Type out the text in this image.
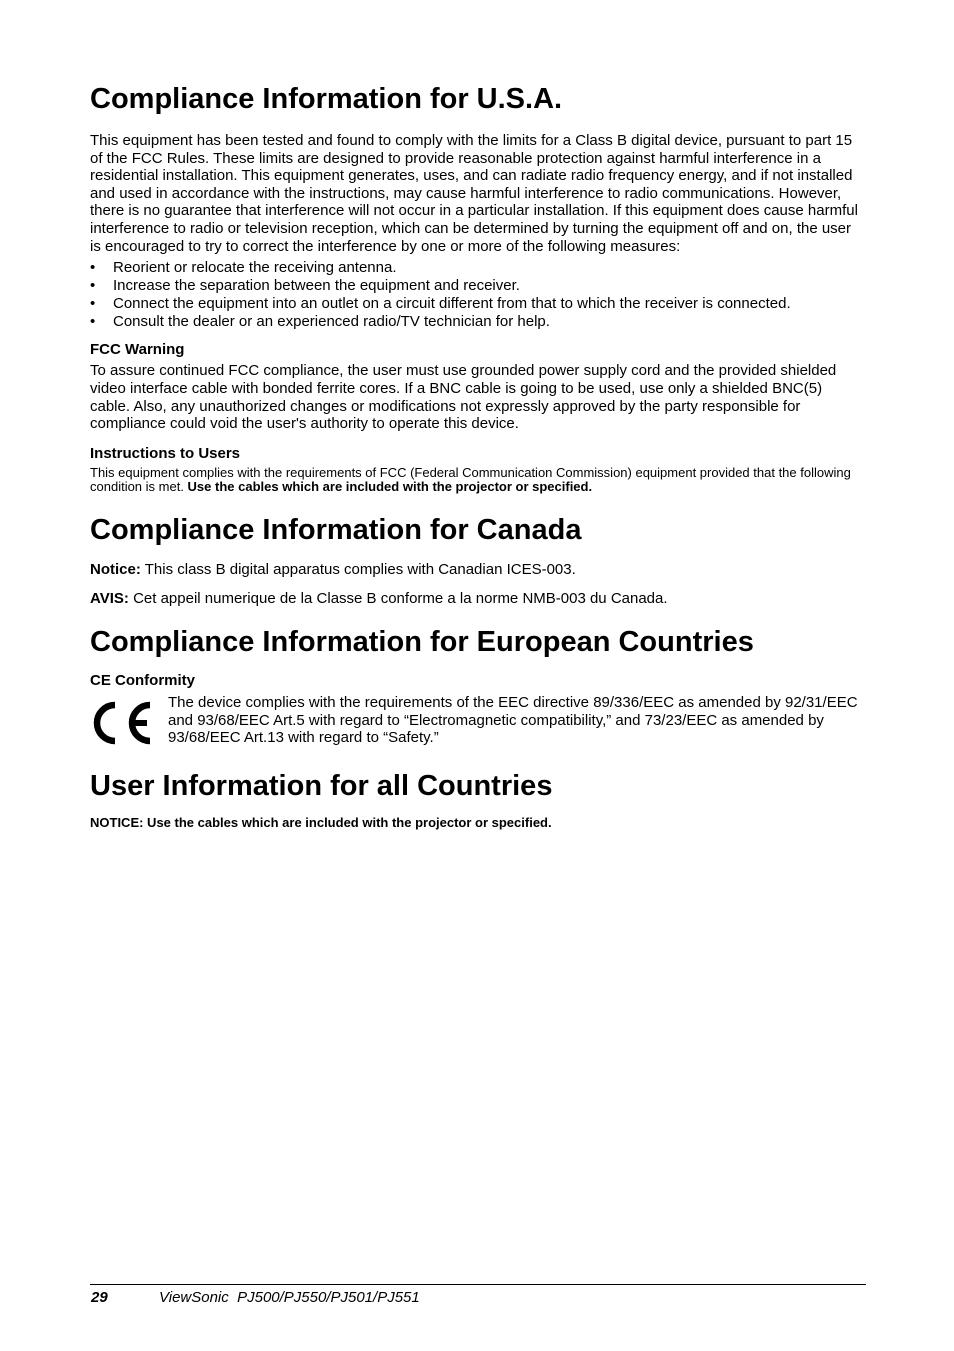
Compliance Information for U.S.A.

This equipment has been tested and found to comply with the limits for a Class B digital device, pursuant to part 15 of the FCC Rules. These limits are designed to provide reasonable protection against harmful interference in a residential installation. This equipment generates, uses, and can radiate radio frequency energy, and if not installed and used in accordance with the instructions, may cause harmful interference to radio communications. However, there is no guarantee that interference will not occur in a particular installation. If this equipment does cause harmful interference to radio or television reception, which can be determined by turning the equipment off and on, the user is encouraged to try to correct the interference by one or more of the following measures:

• Reorient or relocate the receiving antenna.
• Increase the separation between the equipment and receiver.
• Connect the equipment into an outlet on a circuit different from that to which the receiver is connected.
• Consult the dealer or an experienced radio/TV technician for help.

FCC Warning

To assure continued FCC compliance, the user must use grounded power supply cord and the provided shielded video interface cable with bonded ferrite cores. If a BNC cable is going to be used, use only a shielded BNC(5) cable. Also, any unauthorized changes or modifications not expressly approved by the party responsible for compliance could void the user's authority to operate this device.

Instructions to Users

This equipment complies with the requirements of FCC (Federal Communication Commission) equipment provided that the following condition is met. Use the cables which are included with the projector or specified.

Compliance Information for Canada

Notice: This class B digital apparatus complies with Canadian ICES-003.

AVIS: Cet appeil numerique de la Classe B conforme a la norme NMB-003 du Canada.

Compliance Information for European Countries

CE Conformity

The device complies with the requirements of the EEC directive 89/336/EEC as amended by 92/31/EEC and 93/68/EEC Art.5 with regard to “Electromagnetic compatibility,” and 73/23/EEC as amended by 93/68/EEC Art.13 with regard to “Safety.”

User Information for all Countries

NOTICE: Use the cables which are included with the projector or specified.

29	ViewSonic  PJ500/PJ550/PJ501/PJ551
